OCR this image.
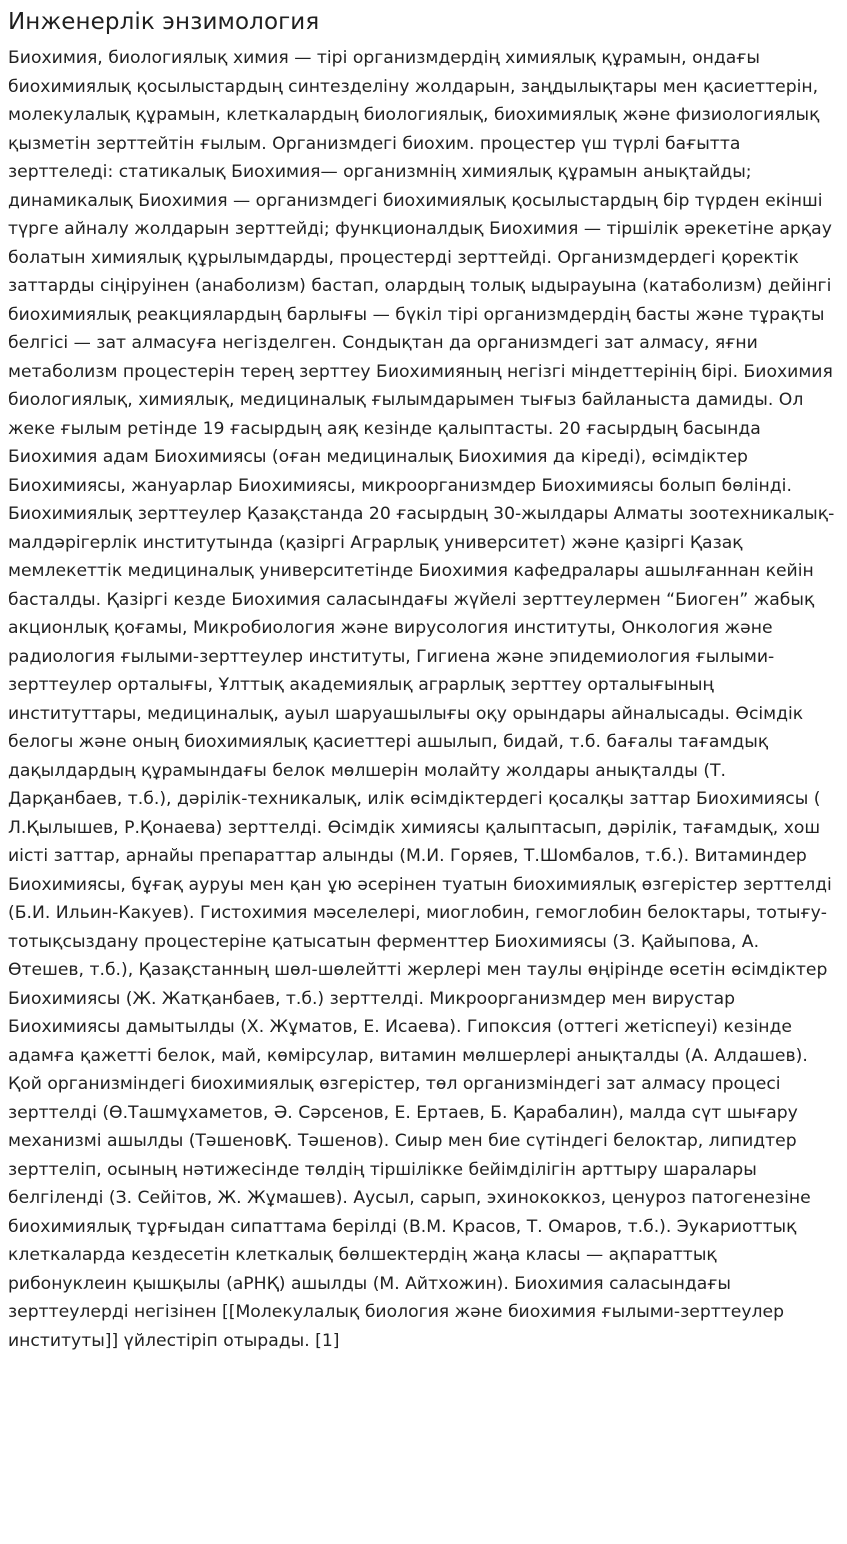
Инженерлік энзимология

Биохимия, биологиялық химия — тірі организмдердің химиялық құрамын, ондағы биохимиялық қосылыстардың синтезделіну жолдарын, заңдылықтары мен қасиеттерін, молекулалық құрамын, клеткалардың биологиялық, биохимиялық және физиологиялық қызметін зерттейтін ғылым. Организмдегі биохим. процестер үш түрлі бағытта зерттеледі: статикалық Биохимия— организмнің химиялық құрамын анықтайды; динамикалық Биохимия — организмдегі биохимиялық қосылыстардың бір түрден екінші түрге айналу жолдарын зерттейді; функционалдық Биохимия — тіршілік әрекетіне арқау болатын химиялық құрылымдарды, процестерді зерттейді. Организмдердегі қоректік заттарды сіңіруінен (анаболизм) бастап, олардың толық ыдырауына (катаболизм) дейінгі биохимиялық реакциялардың барлығы — бүкіл тірі организмдердің басты және тұрақты белгісі — зат алмасуға негізделген. Сондықтан да организмдегі зат алмасу, яғни метаболизм процестерін терең зерттеу Биохимияның негізгі міндеттерінің бірі. Биохимия биологиялық, химиялық, медициналық ғылымдарымен тығыз байланыста дамиды. Ол жеке ғылым ретінде 19 ғасырдың аяқ кезінде қалыптасты. 20 ғасырдың басында Биохимия адам Биохимиясы (оған медициналық Биохимия да кіреді), өсімдіктер Биохимиясы, жануарлар Биохимиясы, микроорганизмдер Биохимиясы болып бөлінді. Биохимиялық зерттеулер Қазақстанда 20 ғасырдың 30-жылдары Алматы зоотехникалық-малдәрігерлік институтында (қазіргі Аграрлық университет) және қазіргі Қазақ мемлекеттік медициналық университетінде Биохимия кафедралары ашылғаннан кейін басталды. Қазіргі кезде Биохимия саласындағы жүйелі зерттеулермен “Биоген” жабық акционлық қоғамы, Микробиология және вирусология институты, Онкология және радиология ғылыми-зерттеулер институты, Гигиена және эпидемиология ғылыми-зерттеулер орталығы, Ұлттық академиялық аграрлық зерттеу орталығының институттары, медициналық, ауыл шаруашылығы оқу орындары айналысады. Өсімдік белогы және оның биохимиялық қасиеттері ашылып, бидай, т.б. бағалы тағамдық дақылдардың құрамындағы белок мөлшерін молайту жолдары анықталды (Т. Дарқанбаев, т.б.), дәрілік-техникалық, илік өсімдіктердегі қосалқы заттар Биохимиясы ( Л.Қылышев, Р.Қонаева) зерттелді. Өсімдік химиясы қалыптасып, дәрілік, тағамдық, хош иісті заттар, арнайы препараттар алынды (М.И. Горяев, Т.Шомбалов, т.б.). Витаминдер Биохимиясы, бұғақ ауруы мен қан ұю әсерінен туатын биохимиялық өзгерістер зерттелді (Б.И. Ильин-Какуев). Гистохимия мәселелері, миоглобин, гемоглобин белоктары, тотығу-тотықсыздану процестеріне қатысатын ферменттер Биохимиясы (З. Қайыпова, А. Өтешев, т.б.), Қазақстанның шөл-шөлейтті жерлері мен таулы өңірінде өсетін өсімдіктер Биохимиясы (Ж. Жатқанбаев, т.б.) зерттелді. Микроорганизмдер мен вирустар Биохимиясы дамытылды (Х. Жұматов, Е. Исаева). Гипоксия (оттегі жетіспеуі) кезінде адамға қажетті белок, май, көмірсулар, витамин мөлшерлері анықталды (А. Алдашев). Қой организміндегі биохимиялық өзгерістер, төл организміндегі зат алмасу процесі зерттелді (Ө.Ташмұхаметов, Ә. Сәрсенов, Е. Ертаев, Б. Қарабалин), малда сүт шығару механизмі ашылды (ТәшеновҚ. Тәшенов). Сиыр мен бие сүтіндегі белоктар, липидтер зерттеліп, осының нәтижесінде төлдің тіршілікке бейімділігін арттыру шаралары белгіленді (З. Сейітов, Ж. Жұмашев). Аусыл, сарып, эхинококкоз, ценуроз патогенезіне биохимиялық тұрғыдан сипаттама берілді (В.М. Красов, Т. Омаров, т.б.). Эукариоттық клеткаларда кездесетін клеткалық бөлшектердің жаңа класы — ақпараттық рибонуклеин қышқылы (аРНҚ) ашылды (М. Айтхожин). Биохимия саласындағы зерттеулерді негізінен [[Молекулалық биология және биохимия ғылыми-зерттеулер институты]] үйлестіріп отырады. [1]
